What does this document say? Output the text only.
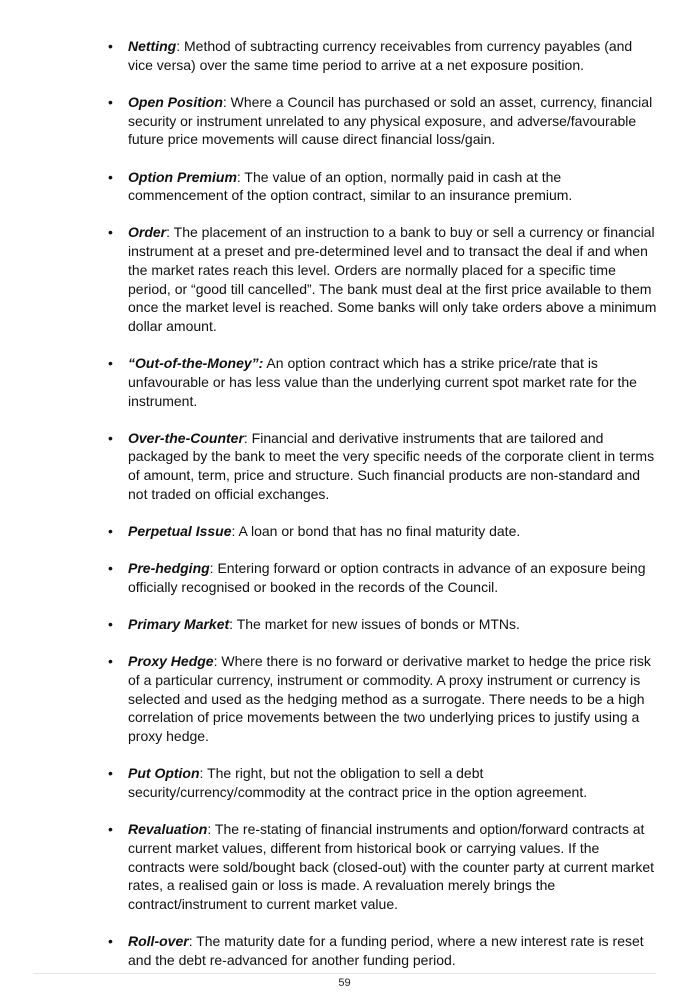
•	Netting: Method of subtracting currency receivables from currency payables (and vice versa) over the same time period to arrive at a net exposure position.
•	Open Position: Where a Council has purchased or sold an asset, currency, financial security or instrument unrelated to any physical exposure, and adverse/favourable future price movements will cause direct financial loss/gain.
•	Option Premium: The value of an option, normally paid in cash at the commencement of the option contract, similar to an insurance premium.
•	Order: The placement of an instruction to a bank to buy or sell a currency or financial instrument at a preset and pre-determined level and to transact the deal if and when the market rates reach this level. Orders are normally placed for a specific time period, or “good till cancelled”. The bank must deal at the first price available to them once the market level is reached. Some banks will only take orders above a minimum dollar amount.
•	“Out-of-the-Money”: An option contract which has a strike price/rate that is unfavourable or has less value than the underlying current spot market rate for the instrument.
•	Over-the-Counter: Financial and derivative instruments that are tailored and packaged by the bank to meet the very specific needs of the corporate client in terms of amount, term, price and structure. Such financial products are non-standard and not traded on official exchanges.
•	Perpetual Issue: A loan or bond that has no final maturity date.
•	Pre-hedging: Entering forward or option contracts in advance of an exposure being officially recognised or booked in the records of the Council.
•	Primary Market: The market for new issues of bonds or MTNs.
•	Proxy Hedge: Where there is no forward or derivative market to hedge the price risk of a particular currency, instrument or commodity. A proxy instrument or currency is selected and used as the hedging method as a surrogate. There needs to be a high correlation of price movements between the two underlying prices to justify using a proxy hedge.
•	Put Option: The right, but not the obligation to sell a debt security/currency/commodity at the contract price in the option agreement.
•	Revaluation: The re-stating of financial instruments and option/forward contracts at current market values, different from historical book or carrying values. If the contracts were sold/bought back (closed-out) with the counter party at current market rates, a realised gain or loss is made. A revaluation merely brings the contract/instrument to current market value.
•	Roll-over: The maturity date for a funding period, where a new interest rate is reset and the debt re-advanced for another funding period.
59
